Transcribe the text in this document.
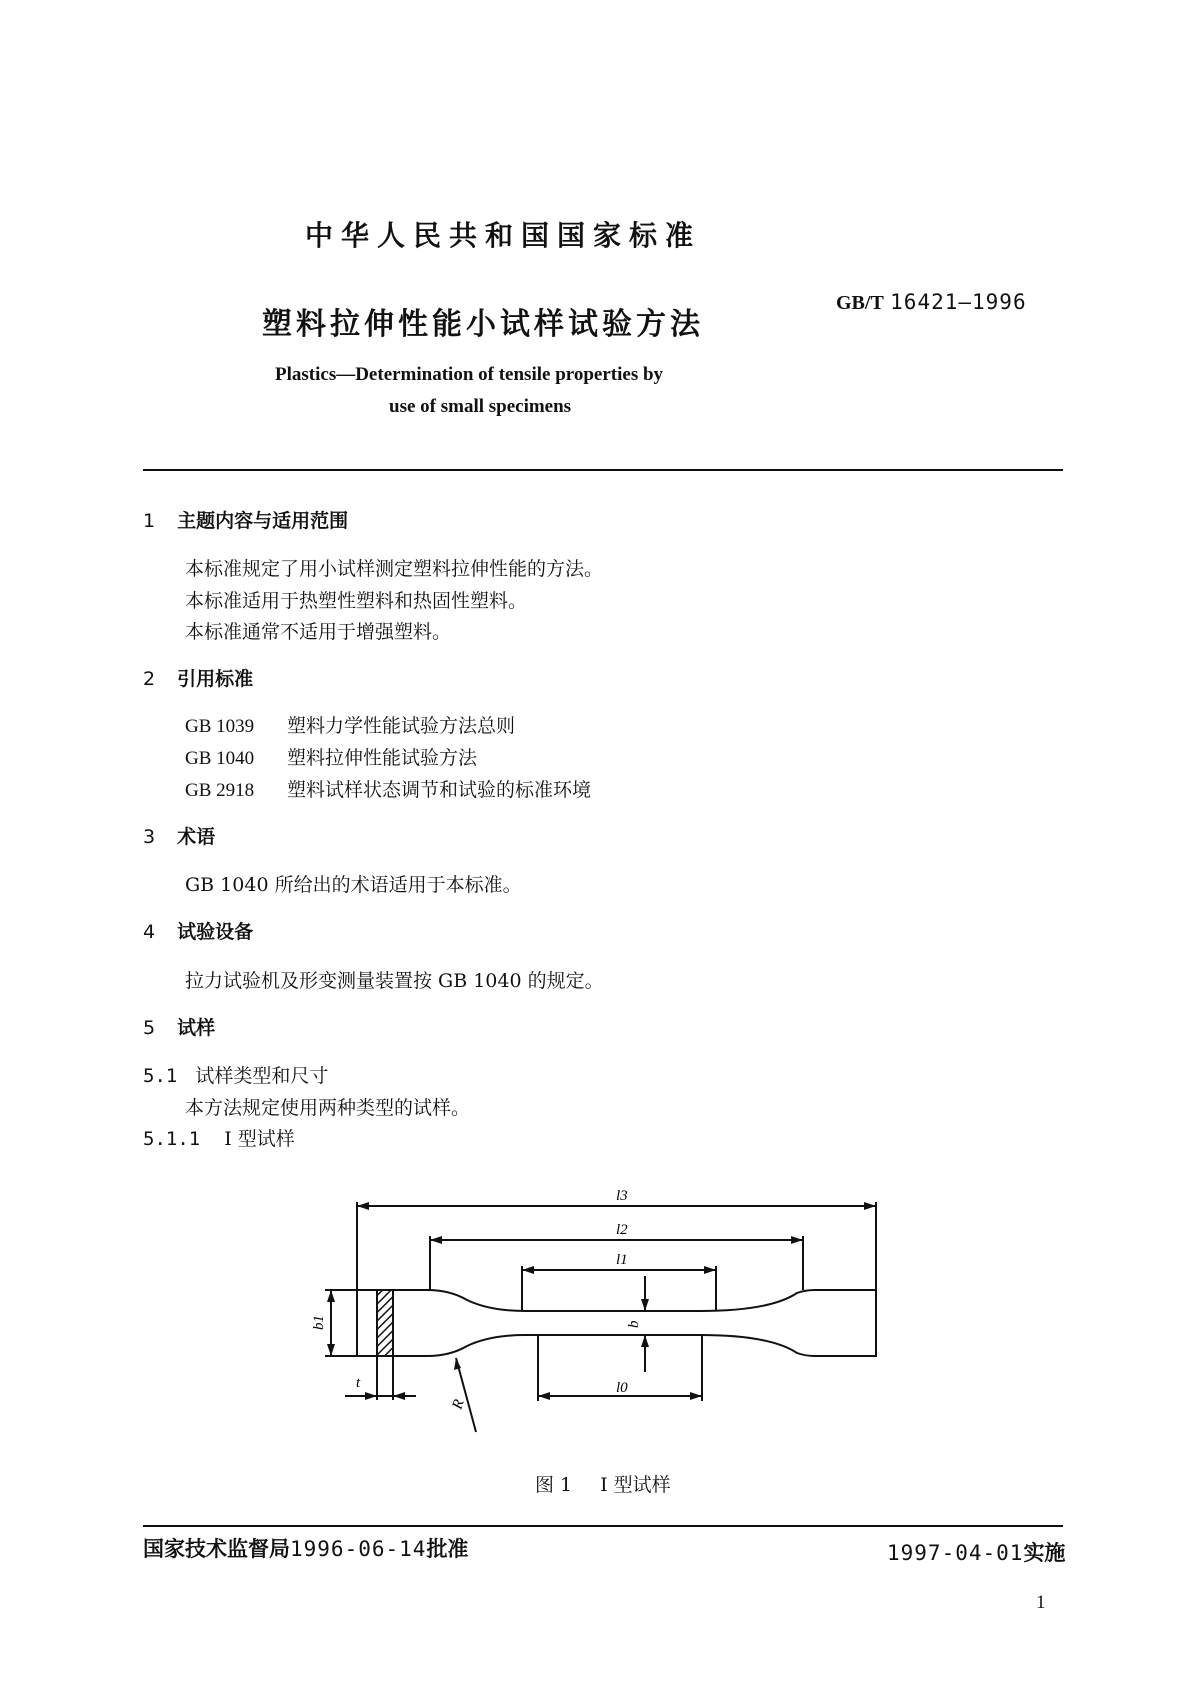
中华人民共和国国家标准
塑料拉伸性能小试样试验方法
GB/T 16421—1996
Plastics—Determination of tensile properties by
use of small specimens
1 主题内容与适用范围
本标准规定了用小试样测定塑料拉伸性能的方法。
本标准适用于热塑性塑料和热固性塑料。
本标准通常不适用于增强塑料。
2 引用标准
GB 1039 塑料力学性能试验方法总则
GB 1040 塑料拉伸性能试验方法
GB 2918 塑料试样状态调节和试验的标准环境
3 术语
GB 1040 所给出的术语适用于本标准。
4 试验设备
拉力试验机及形变测量装置按 GB 1040 的规定。
5 试样
5.1 试样类型和尺寸
本方法规定使用两种类型的试样。
5.1.1 I 型试样
l3
l2
l1
l0
b1	b
t
R
图 1 I 型试样
国家技术监督局1996-06-14批准	1997-04-01实施
1
